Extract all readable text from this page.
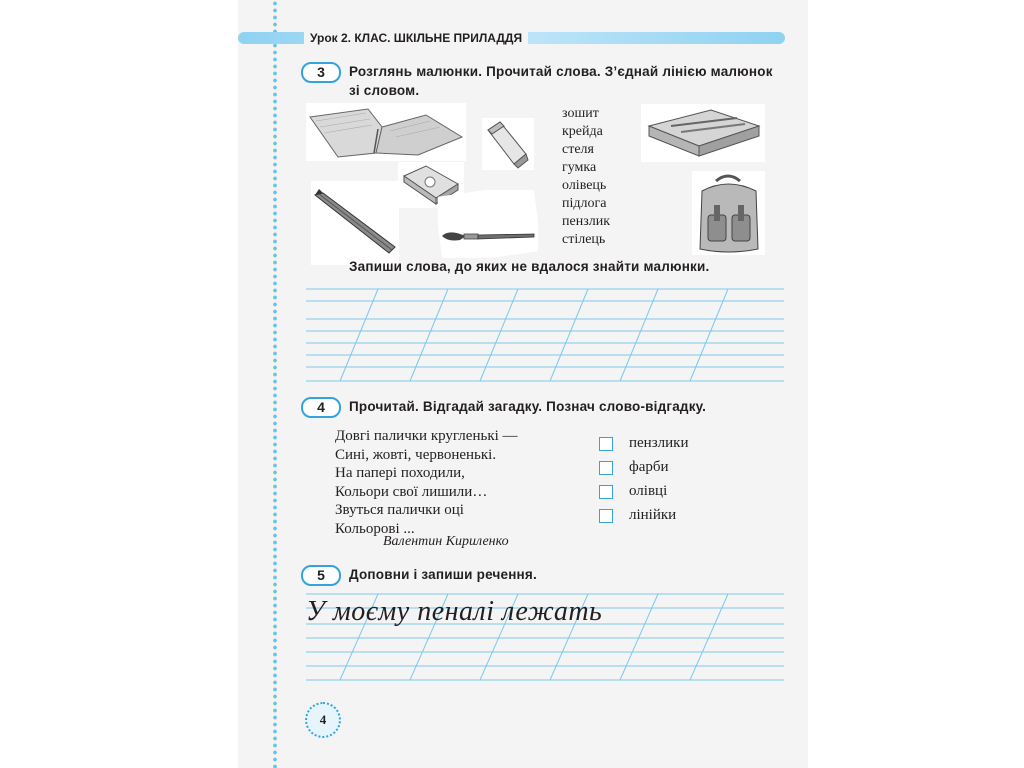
Урок 2. КЛАС. ШКІЛЬНЕ ПРИЛАДДЯ
3	Розглянь малюнки. Прочитай слова. З’єднай лінією малюнок
зі словом.
зошит
крейда
стеля
гумка
олівець
підлога
пензлик
стілець
Запиши слова, до яких не вдалося знайти малюнки.
4	Прочитай. Відгадай загадку. Познач слово-відгадку.
Довгі палички кругленькі —
Сині, жовті, червоненькі.
На папері походили,
Кольори свої лишили…
Звуться палички оці
Кольорові ...
Валентин Кириленко
пензлики
фарби
олівці
лінійки
5	Доповни і запиши речення.
У моєму пеналі лежать
4
